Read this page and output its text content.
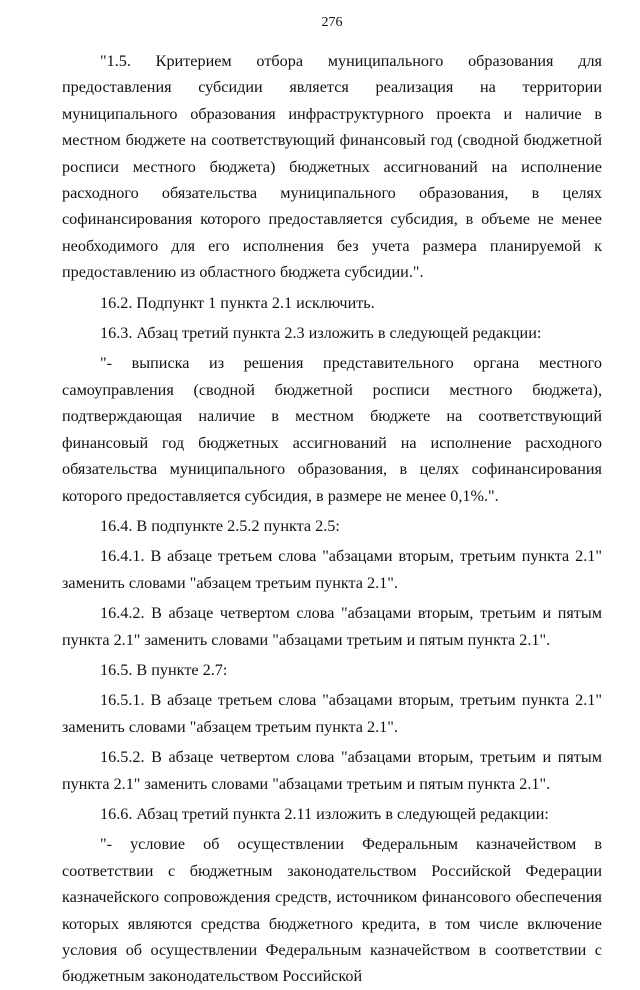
276

"1.5. Критерием отбора муниципального образования для предоставления субсидии является реализация на территории муниципального образования инфраструктурного проекта и наличие в местном бюджете на соответствующий финансовый год (сводной бюджетной росписи местного бюджета) бюджетных ассигнований на исполнение расходного обязательства муниципального образования, в целях софинансирования которого предоставляется субсидия, в объеме не менее необходимого для его исполнения без учета размера планируемой к предоставлению из областного бюджета субсидии.".

16.2. Подпункт 1 пункта 2.1 исключить.

16.3. Абзац третий пункта 2.3 изложить в следующей редакции:

"- выписка из решения представительного органа местного самоуправления (сводной бюджетной росписи местного бюджета), подтверждающая наличие в местном бюджете на соответствующий финансовый год бюджетных ассигнований на исполнение расходного обязательства муниципального образования, в целях софинансирования которого предоставляется субсидия, в размере не менее 0,1%.".

16.4. В подпункте 2.5.2 пункта 2.5:

16.4.1. В абзаце третьем слова "абзацами вторым, третьим пункта 2.1" заменить словами "абзацем третьим пункта 2.1".

16.4.2. В абзаце четвертом слова "абзацами вторым, третьим и пятым пункта 2.1" заменить словами "абзацами третьим и пятым пункта 2.1".

16.5. В пункте 2.7:

16.5.1. В абзаце третьем слова "абзацами вторым, третьим пункта 2.1" заменить словами "абзацем третьим пункта 2.1".

16.5.2. В абзаце четвертом слова "абзацами вторым, третьим и пятым пункта 2.1" заменить словами "абзацами третьим и пятым пункта 2.1".

16.6. Абзац третий пункта 2.11 изложить в следующей редакции:

"- условие об осуществлении Федеральным казначейством в соответствии с бюджетным законодательством Российской Федерации казначейского сопровождения средств, источником финансового обеспечения которых являются средства бюджетного кредита, в том числе включение условия об осуществлении Федеральным казначейством в соответствии с бюджетным законодательством Российской
